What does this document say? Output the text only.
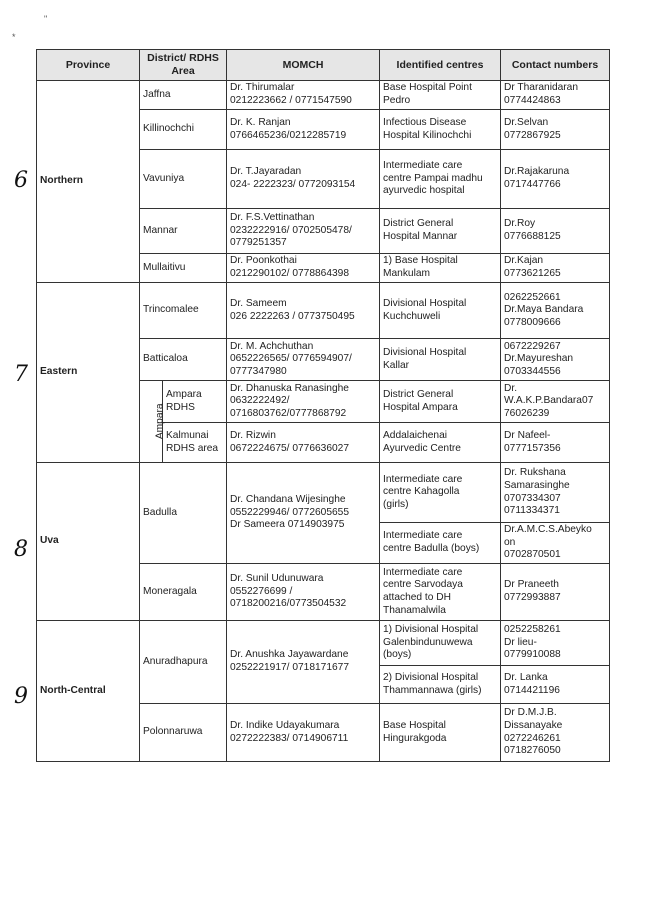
"
*
6
7
8
9
Province	District/ RDHS Area		MOMCH	Identified centres	Contact numbers
Northern	Jaffna		Dr. Thirumalar
0212223662 / 0771547590	Base Hospital Point
Pedro	Dr Tharanidaran
0774424863

	Killinochchi		Dr. K. Ranjan
0766465236/0212285719	Infectious Disease
Hospital Kilinochchi	Dr.Selvan
0772867925

	Vavuniya		Dr. T.Jayaradan
024- 2222323/ 0772093154	Intermediate care
centre Pampai madhu
ayurvedic hospital	Dr.Rajakaruna
0717447766

	Mannar		Dr. F.S.Vettinathan
0232222916/ 0702505478/
0779251357	District General
Hospital Mannar	Dr.Roy
0776688125

	Mullaitivu		Dr. Poonkothai
0212290102/ 0778864398	1) Base Hospital
Mankulam	Dr.Kajan
0773621265

Eastern	Trincomalee		Dr. Sameem
026 2222263 / 0773750495	Divisional Hospital
Kuchchuweli	0262252661
Dr.Maya Bandara
0778009666

	Batticaloa		Dr. M. Achchuthan
0652226565/ 0776594907/
0777347980	Divisional Hospital
Kallar	0672229267
Dr.Mayureshan
0703344556

	Ampara	Ampara
RDHS	Dr. Dhanuska Ranasinghe
0632222492/
0716803762/0777868792	District General
Hospital Ampara	Dr.
W.A.K.P.Bandara07
76026239

		Kalmunai
RDHS area	Dr. Rizwin
0672224675/ 0776636027	Addalaichenai
Ayurvedic Centre	Dr Nafeel-
0777157356

Uva	Badulla		Dr. Chandana Wijesinghe
0552229946/ 0772605655
Dr Sameera 0714903975	Intermediate care
centre Kahagolla
(girls)	Dr. Rukshana
Samarasinghe
0707334307
0711334371

				Intermediate care
centre Badulla (boys)	Dr.A.M.C.S.Abeyko
on
0702870501

	Moneragala		Dr. Sunil Udunuwara
0552276699 /
0718200216/0773504532	Intermediate care
centre Sarvodaya
attached to DH
Thanamalwila	Dr Praneeth
0772993887

North-Central	Anuradhapura		Dr. Anushka Jayawardane
0252221917/ 0718171677	1) Divisional Hospital
Galenbindunuwewa
(boys)	0252258261
Dr lieu-
0779910088

				2) Divisional Hospital
Thammannawa (girls)	Dr. Lanka
0714421196

	Polonnaruwa		Dr. Indike Udayakumara
0272222383/ 0714906711	Base Hospital
Hingurakgoda	Dr D.M.J.B.
Dissanayake
0272246261
0718276050
